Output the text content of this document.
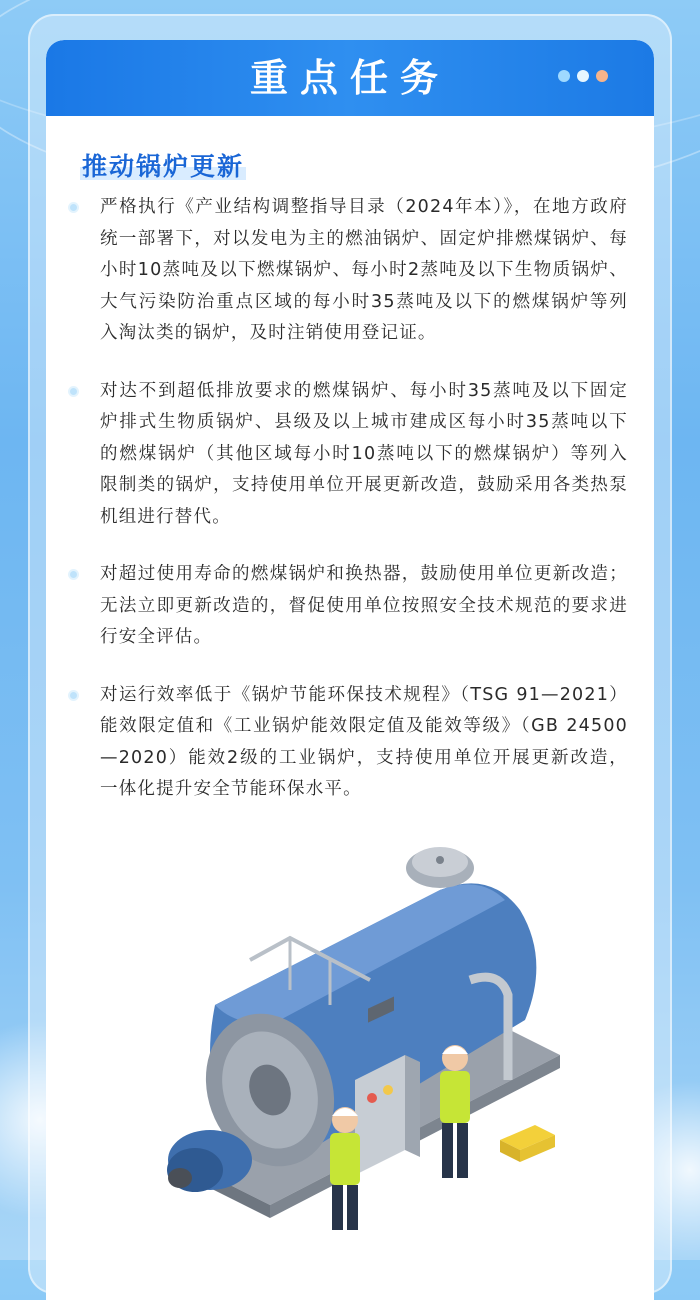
重点任务
推动锅炉更新

严格执行《产业结构调整指导目录（2024年本）》，在地方政府统一部署下，对以发电为主的燃油锅炉、固定炉排燃煤锅炉、每小时10蒸吨及以下燃煤锅炉、每小时2蒸吨及以下生物质锅炉、大气污染防治重点区域的每小时35蒸吨及以下的燃煤锅炉等列入淘汰类的锅炉，及时注销使用登记证。

对达不到超低排放要求的燃煤锅炉、每小时35蒸吨及以下固定炉排式生物质锅炉、县级及以上城市建成区每小时35蒸吨以下的燃煤锅炉（其他区域每小时10蒸吨以下的燃煤锅炉）等列入限制类的锅炉，支持使用单位开展更新改造，鼓励采用各类热泵机组进行替代。

对超过使用寿命的燃煤锅炉和换热器，鼓励使用单位更新改造；无法立即更新改造的，督促使用单位按照安全技术规范的要求进行安全评估。

对运行效率低于《锅炉节能环保技术规程》（TSG 91—2021）能效限定值和《工业锅炉能效限定值及能效等级》（GB 24500—2020）能效2级的工业锅炉，支持使用单位开展更新改造，一体化提升安全节能环保水平。
